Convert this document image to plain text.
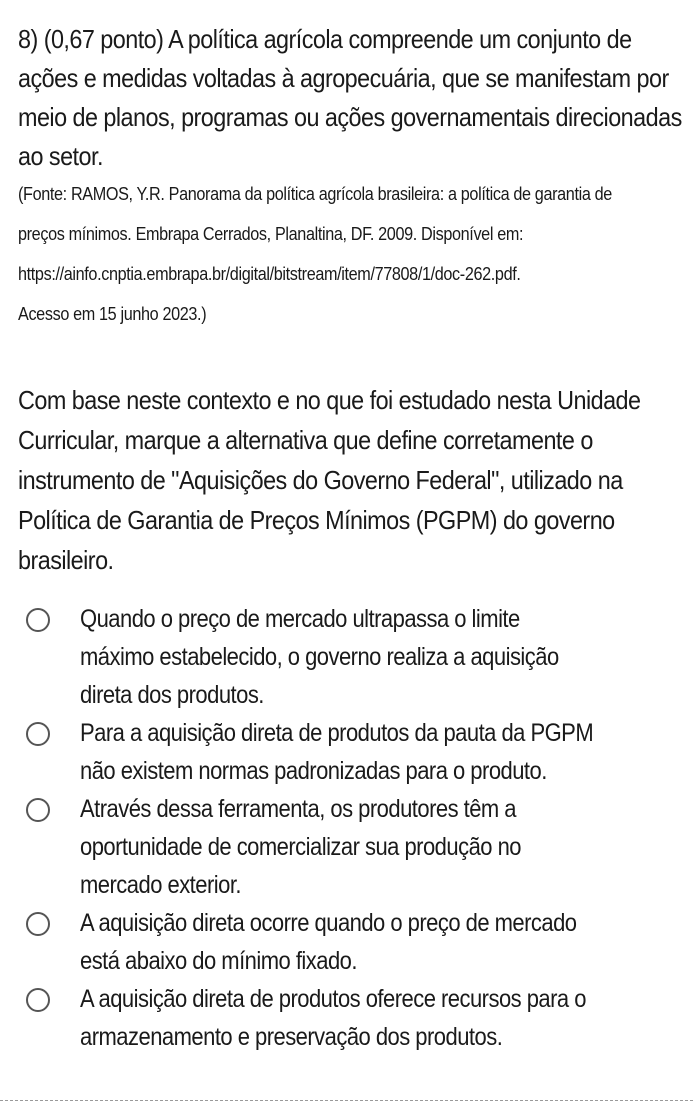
8) (0,67 ponto) A política agrícola compreende um conjunto de
ações e medidas voltadas à agropecuária, que se manifestam por
meio de planos, programas ou ações governamentais direcionadas
ao setor.
(Fonte: RAMOS, Y.R. Panorama da política agrícola brasileira: a política de garantia de
preços mínimos. Embrapa Cerrados, Planaltina, DF. 2009. Disponível em:
https://ainfo.cnptia.embrapa.br/digital/bitstream/item/77808/1/doc-262.pdf.
Acesso em 15 junho 2023.)
Com base neste contexto e no que foi estudado nesta Unidade
Curricular, marque a alternativa que define corretamente o
instrumento de "Aquisições do Governo Federal", utilizado na
Política de Garantia de Preços Mínimos (PGPM) do governo
brasileiro.
Quando o preço de mercado ultrapassa o limite
máximo estabelecido, o governo realiza a aquisição
direta dos produtos.
Para a aquisição direta de produtos da pauta da PGPM
não existem normas padronizadas para o produto.
Através dessa ferramenta, os produtores têm a
oportunidade de comercializar sua produção no
mercado exterior.
A aquisição direta ocorre quando o preço de mercado
está abaixo do mínimo fixado.
A aquisição direta de produtos oferece recursos para o
armazenamento e preservação dos produtos.
